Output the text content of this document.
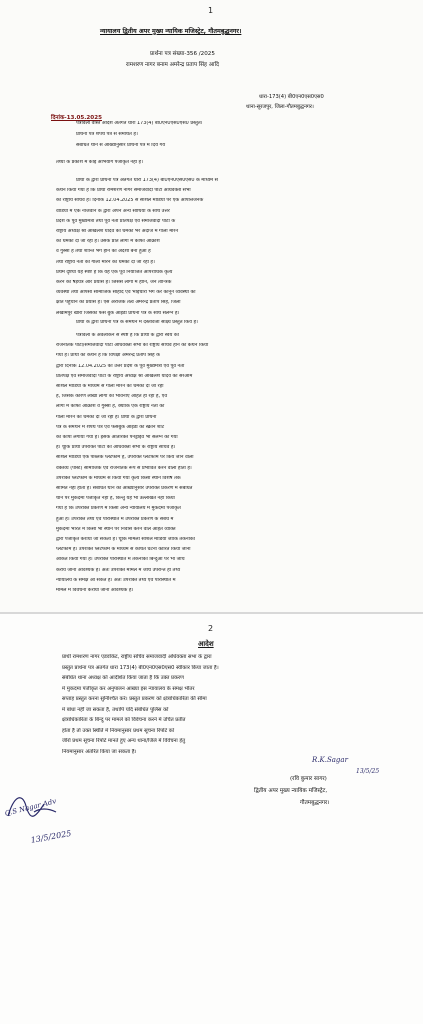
1
न्यायालय द्वितीय अपर मुख्य न्यायिक मजिस्ट्रेट, गौतमबुद्धनगर।
प्रार्थना पत्र संख्या-356 /2025
रामशरण नागर बनाम अमरेन्द्र प्रताप सिंह आदि
धारा-173(4) बी0एन0एस0एस0
थाना-सूरजपुर, जिला-गौतमबुद्धनगर।
दिनांक-13.05.2025
पत्रावली वास्ते आदेश अंतर्गत धारा 173(4) बी0एन0एस0एस0 प्रस्तुत।
प्रार्थना पत्र शपथ पत्र से समर्थित है।
प्रार्थी के द्वारा प्रार्थना पत्र के समर्थन में दस्तावेजी साक्ष्य प्रस्तुत किये है।
संबंधित थाने से आख्यानुसार प्रार्थना पत्र में दिये गये
तथ्यों के प्रकाश में कोई अभियोग पंजीकृत नहीं है।
प्रार्थी के द्वारा प्रार्थना पत्र अंतर्गत धारा 173(4) बी0एन0एस0एस0 के माध्यम से
कथन किया गया है कि प्रार्थी रामशरण नागर समाजवादी पार्टी अधिवक्ता सभा
का राष्ट्रीय सचिव है। दिनांक 12.04.2025 से सोशल मीडिया पर एक आपत्तिजनक
वीडियो में एक नौजवान के द्वारा अपने अन्य साथियों के साथ उत्तर
प्रदेश के पूर्व मुख्यमंत्री तथा पूर्व नेता प्रतिपक्ष एवं समाजवादी पार्टी के
राष्ट्रीय अध्यक्ष श्री अखिलेश यादव को धमकी भरे अंदाज में गोली मारने
की धमकी दी जा रही है। उसके प्रति लोगों में काफी आक्रोश
व गुस्सा है तथा शान्ति भंग होने का अंदेशा बना हुआ है
तथा राष्ट्रीय नेता को गोली मारने की धमकी दी जा रही है।
प्रथम दृष्टया यह स्पष्ट है कि यह एक पूर्व नियोजित आपराधिक कृत्य
करने का षड़यंत्र और प्रयास है। जिससे लोगों में हानि, जन तान्त्रिक
व्यवस्था तथा आपसी सामाजिक सौहार्द एवं भाईचारा भंग कर कानून व्यवस्था को
क्षति पहुँचाने का प्रयास है। ऐसे अराजक तत्व अमरेन्द्र प्रताप सिंह, जिला
लखीमपुर खीरी जिसकी फेस बुक आईडी प्रार्थना पत्र के साथ संलग्न है।
पत्रावली के अवलोकन से स्पष्ट है कि प्रार्थी के द्वारा स्वयं को
राजनैतिक पार्टी/समाजवादी पार्टी अधिवक्ता सभा का राष्ट्रीय सचिव होने का कथन किया
गया है। प्रार्थी का कथन है कि विपक्षी अमरेन्द्र प्रताप सिंह के
द्वारा दिनांक 12.04.2025 को उत्तर प्रदेश के पूर्व मुख्यमंत्री एवं पूर्व नेता
प्रतिपक्ष एवं समाजवादी पार्टी के राष्ट्रीय अध्यक्ष श्री अखिलेश यादव को सरेआम
सोशल मीडिया के माध्यम से गोली मारने की धमकी दी जा रही
है, जिसके कारण लाखों लोगों की भावनाएं आहत हो रही है, एवं
लोगों में काफी आक्रोश व गुस्सा है, क्योंकि एक राष्ट्रीय नेता को
गोली मारने की धमकी दी जा रही है। प्रार्थी के द्वारा प्रार्थना
पत्र के समर्थन में शपथ पत्र एवं फेसबुक आईडी का स्क्रीन शॉट
की कापी लगायी गयी है। इसके अतिरिक्त पेनड्राईव भी संलग्न की गयी
है। चूंकि प्रार्थी उपरोक्त पार्टी की अधिवक्ता सभा के राष्ट्रीय सचिव है।
सोशल मीडिया एक पब्लिक प्लेटफार्म है, उपरोक्त प्लेटफार्म पर किये जाने वाला
वक्तव्य (पोस्ट) सामाजिक एवं राजनैतिक रूप से प्रभावित करने वाला होता है।
उपरोक्त प्लेटफार्म के माध्यम से किया गया कृत्य किसी स्थान विशेष तक
सीमित नहीं होता है। संबंधित थाने की आख्यानुसार उपरोक्त प्रकरण में संबंधित
थाने पर मुकदमा पंजीकृत नहीं है, किन्तु यह भी उल्लेखित नहीं किया
गया है कि उपरोक्त प्रकरण में किसी अन्य न्यायालय में मुकदमा पंजीकृत
हुआ है। उपरोक्त तथ्य एवं परिस्थिति में उपरोक्त प्रकरण के संबंध में
मुकदमा भारत में किसी भी स्थान पर निवास करने वाले आहत व्यक्ति
द्वारा पंजीकृत कराया जा सकता है। चूंकि मामला सोशल मीडिया जोकि तकनीकी
प्लेटफार्म है। उपरोक्त प्लेटफार्म के माध्यम से कथित घटना कारित किया जाना
अंकित किया गया है। उपरोक्त परिस्थिति में तकनीकी बिन्दुओं पर भी जांच
कराये जानी आवश्यक है। अतः उपरोक्त मामले में जांच उपरान्त ही तथ्य
न्यायालय के समक्ष आ सकते हैं। अतः उपरोक्त तथ्य एवं परिस्थिति में
मामले में विवेचना कराया जाना आवश्यक है।
2
आदेश
R.K.Sagar
13/5/25
(रवि कुमार सागर)
द्वितीय अपर मुख्य न्यायिक मजिस्ट्रेट,
गौतमबुद्धनगर।
Q.S Nagar Adv
13/5/2025
प्रार्थी रामशरण नागर एडवोकेट, राष्ट्रीय सचिव समाजवादी अधिवक्ता सभा के द्वारा
प्रस्तुत प्रार्थना पत्र अंतर्गत धारा 173(4) बी0एन0एस0एस0 स्वीकार किया जाता है।
संबंधित थाना अध्यक्ष को आदेशित किया जाता है कि उक्त प्रकरण
में मुकदमा पंजीकृत कर अनुपालन आख्या इस न्यायालय के समक्ष भीतर
सप्ताह प्रस्तुत करना सुनिश्चित करें। प्रस्तुत प्रकरण को क्षेत्राधिकारिता की सीमा
में बांधा नहीं जा सकता है, तथापि यदि संबंधित पुलिस को
क्षेत्राधिकारिता के बिन्दु पर मामले को विवेचना करने में उचित प्रतीत
होता है तो उक्त स्थिति में नियमानुसार प्रथम सूचना रिपोर्ट को
जीरो प्रथम सूचना रिपोर्ट मानते हुए अन्य थाना/जिले में विवेचना हेतु
नियमानुसार अंतरित किया जा सकता है।
